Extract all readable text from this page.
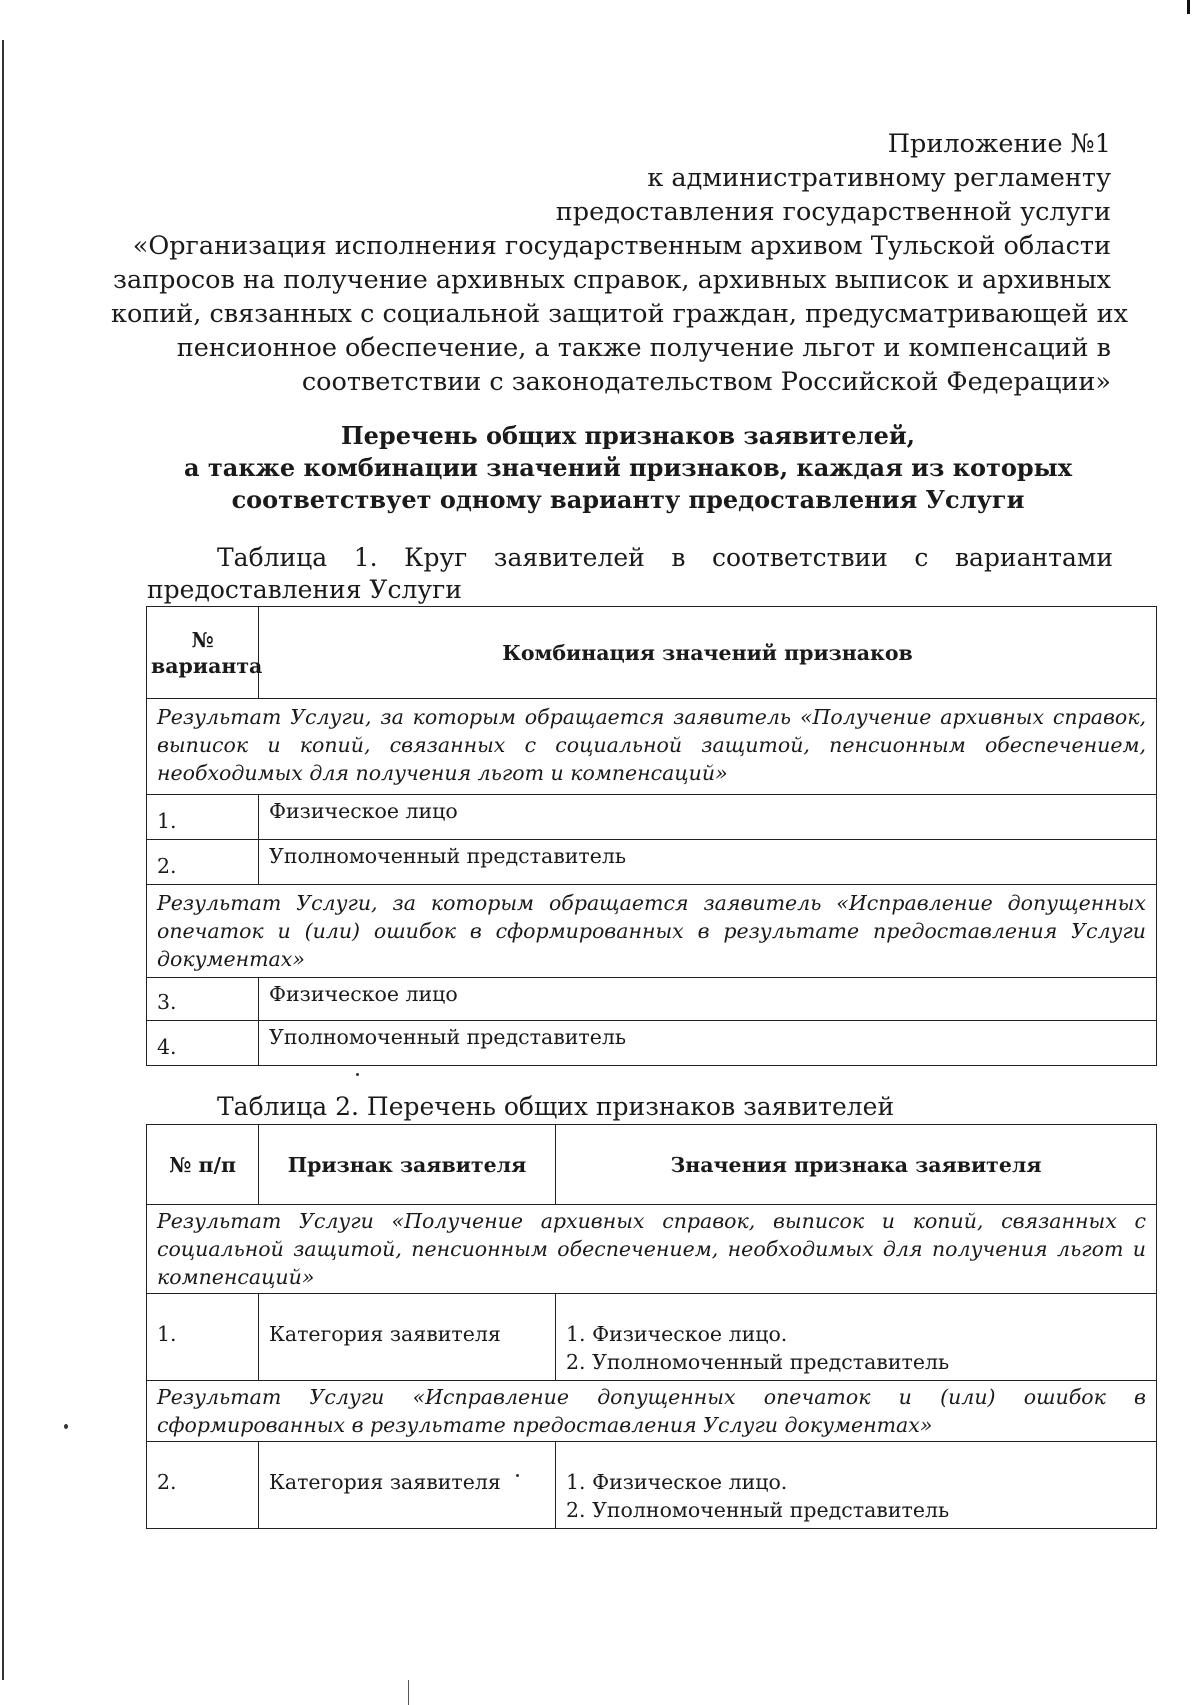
Приложение №1
к административному регламенту
предоставления государственной услуги
«Организация исполнения государственным архивом Тульской области
запросов на получение архивных справок, архивных выписок и архивных
копий, связанных с социальной защитой граждан, предусматривающей их
пенсионное обеспечение, а также получение льгот и компенсаций в
соответствии с законодательством Российской Федерации»
Перечень общих признаков заявителей,
а также комбинации значений признаков, каждая из которых
соответствует одному варианту предоставления Услуги
Таблица 1. Круг заявителей в соответствии с вариантами предоставления Услуги
№ варианта	Комбинация значений признаков
Результат Услуги, за которым обращается заявитель «Получение архивных справок, выписок и копий, связанных с социальной защитой, пенсионным обеспечением, необходимых для получения льгот и компенсаций»	
1.	Физическое лицо
2.	Уполномоченный представитель
Результат Услуги, за которым обращается заявитель «Исправление допущенных опечаток и (или) ошибок в сформированных в результате предоставления Услуги документах»	
3.	Физическое лицо
4.	Уполномоченный представитель
Таблица 2. Перечень общих признаков заявителей
№ п/п	Признак заявителя	Значения признака заявителя
Результат Услуги «Получение архивных справок, выписок и копий, связанных с социальной защитой, пенсионным обеспечением, необходимых для получения льгот и компенсаций»		
1.	Категория заявителя	1. Физическое лицо.
2. Уполномоченный представитель

Результат Услуги «Исправление допущенных опечаток и (или) ошибок в сформированных в результате предоставления Услуги документах»		
2.	Категория заявителя	1. Физическое лицо.
2. Уполномоченный представитель
